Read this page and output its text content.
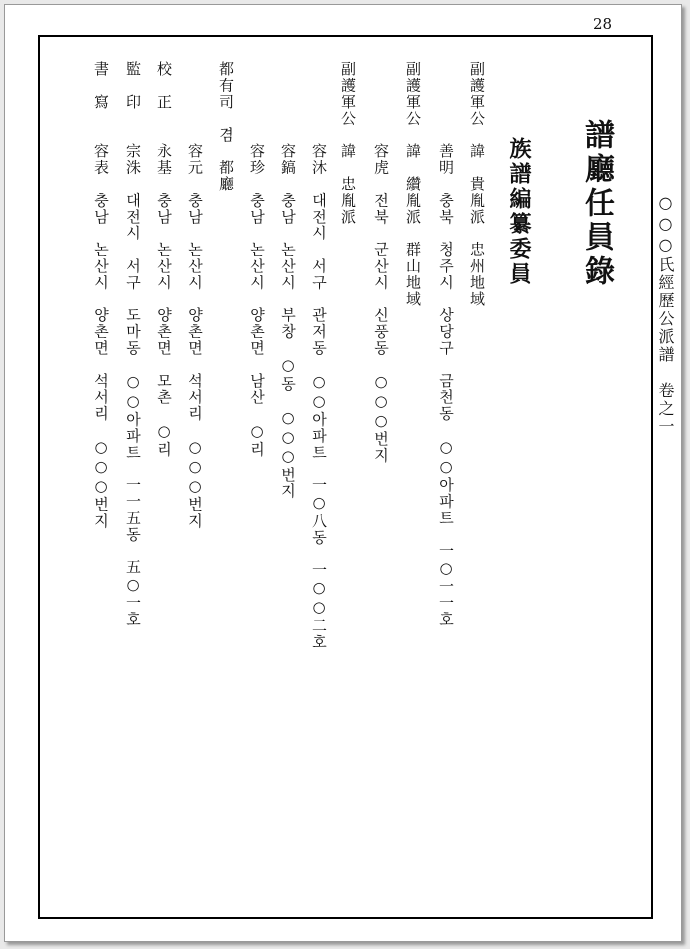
28
譜廳任員錄
族譜編纂委員
副護軍公　諱　貴胤派　忠州地域
善明　충북　청주시　상당구　금천동　○○아파트　一○一一호
副護軍公　諱　纘胤派　群山地域
容虎　전북　군산시　신풍동　○○○번지
副護軍公　諱　忠胤派
容沐　대전시　서구　관저동　○○아파트　一○八동　一○○二호
容鎬　충남　논산시　부창　○동　○○○번지
容珍　충남　논산시　양촌면　남산　○리
都有司　겸　都廳
容元　충남　논산시　양촌면　석서리　○○○번지
校　正
永基　충남　논산시　양촌면　모촌　○리
監　印
宗洙　대전시　서구　도마동　○○아파트　一一五동　五○一호
書　寫
容表　충남　논산시　양촌면　석서리　○○○번지	○○○氏經歷公派譜　卷之一
